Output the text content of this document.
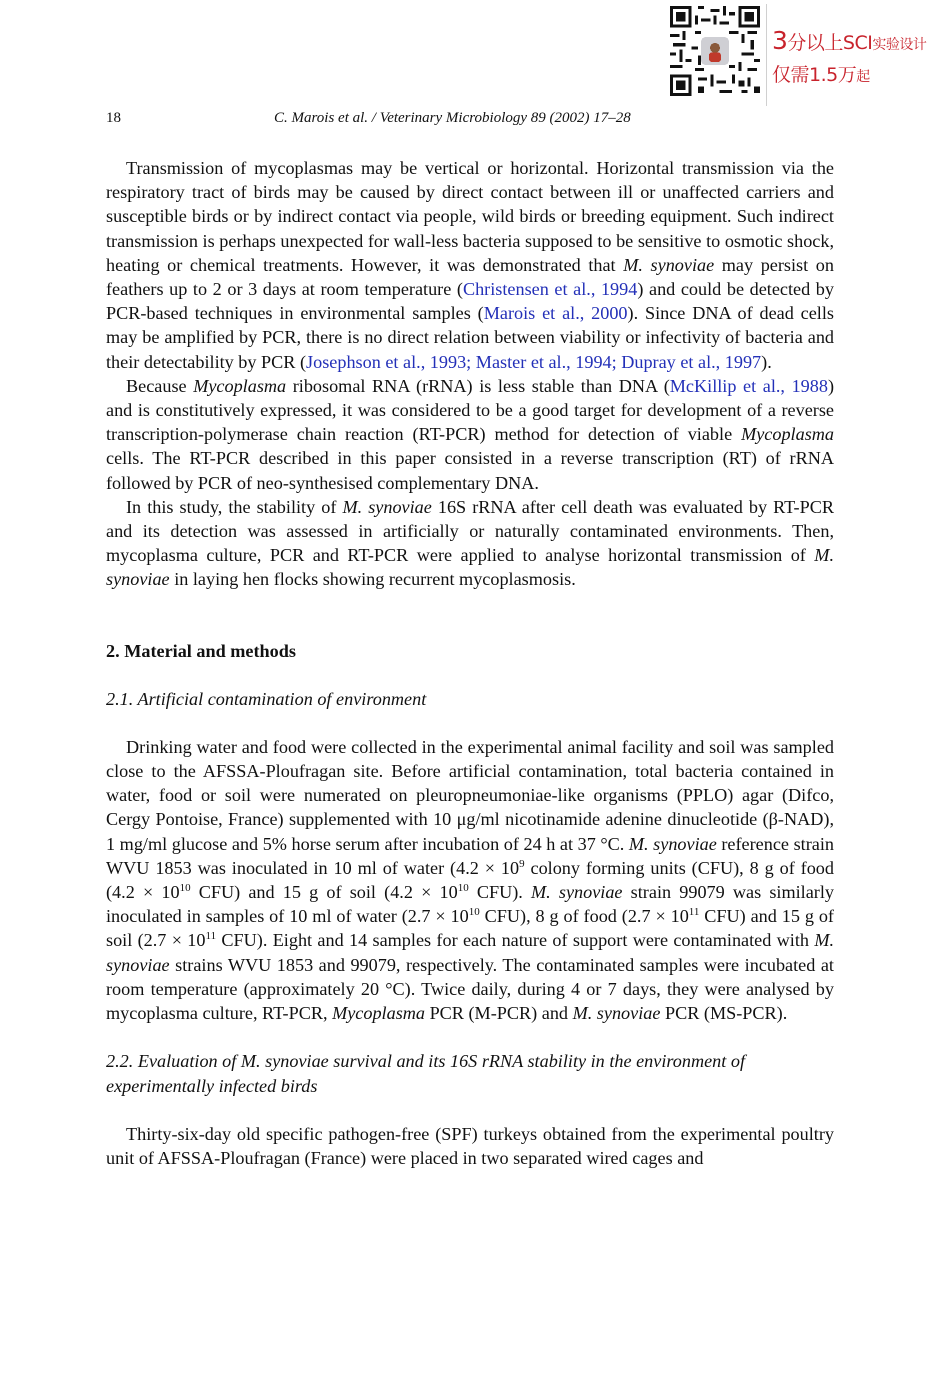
3分以上SCI实验设计
仅需1.5万起
18	C. Marois et al. / Veterinary Microbiology 89 (2002) 17–28

Transmission of mycoplasmas may be vertical or horizontal. Horizontal transmission via the respiratory tract of birds may be caused by direct contact between ill or unaffected carriers and susceptible birds or by indirect contact via people, wild birds or breeding equipment. Such indirect transmission is perhaps unexpected for wall-less bacteria supposed to be sensitive to osmotic shock, heating or chemical treatments. However, it was demonstrated that M. synoviae may persist on feathers up to 2 or 3 days at room temperature (Christensen et al., 1994) and could be detected by PCR-based techniques in environmental samples (Marois et al., 2000). Since DNA of dead cells may be amplified by PCR, there is no direct relation between viability or infectivity of bacteria and their detectability by PCR (Josephson et al., 1993; Master et al., 1994; Dupray et al., 1997).

Because Mycoplasma ribosomal RNA (rRNA) is less stable than DNA (McKillip et al., 1988) and is constitutively expressed, it was considered to be a good target for development of a reverse transcription-polymerase chain reaction (RT-PCR) method for detection of viable Mycoplasma cells. The RT-PCR described in this paper consisted in a reverse transcription (RT) of rRNA followed by PCR of neo-synthesised complementary DNA.

In this study, the stability of M. synoviae 16S rRNA after cell death was evaluated by RT-PCR and its detection was assessed in artificially or naturally contaminated environments. Then, mycoplasma culture, PCR and RT-PCR were applied to analyse horizontal transmission of M. synoviae in laying hen flocks showing recurrent mycoplasmosis.

2. Material and methods
2.1. Artificial contamination of environment

Drinking water and food were collected in the experimental animal facility and soil was sampled close to the AFSSA-Ploufragan site. Before artificial contamination, total bacteria contained in water, food or soil were numerated on pleuropneumoniae-like organisms (PPLO) agar (Difco, Cergy Pontoise, France) supplemented with 10 μg/ml nicotinamide adenine dinucleotide (β-NAD), 1 mg/ml glucose and 5% horse serum after incubation of 24 h at 37 °C. M. synoviae reference strain WVU 1853 was inoculated in 10 ml of water ($4.2 \times 10^9$ colony forming units (CFU), 8 g of food ($4.2 \times 10^{10}$ CFU) and 15 g of soil ($4.2 \times 10^{10}$ CFU). M. synoviae strain 99079 was similarly inoculated in samples of 10 ml of water ($2.7 \times 10^{10}$ CFU), 8 g of food ($2.7 \times 10^{11}$ CFU) and 15 g of soil ($2.7 \times 10^{11}$ CFU). Eight and 14 samples for each nature of support were contaminated with M. synoviae strains WVU 1853 and 99079, respectively. The contaminated samples were incubated at room temperature (approximately 20 °C). Twice daily, during 4 or 7 days, they were analysed by mycoplasma culture, RT-PCR, Mycoplasma PCR (M-PCR) and M. synoviae PCR (MS-PCR).

2.2. Evaluation of M. synoviae survival and its 16S rRNA stability in the environment of experimentally infected birds

Thirty-six-day old specific pathogen-free (SPF) turkeys obtained from the experimental poultry unit of AFSSA-Ploufragan (France) were placed in two separated wired cages and
